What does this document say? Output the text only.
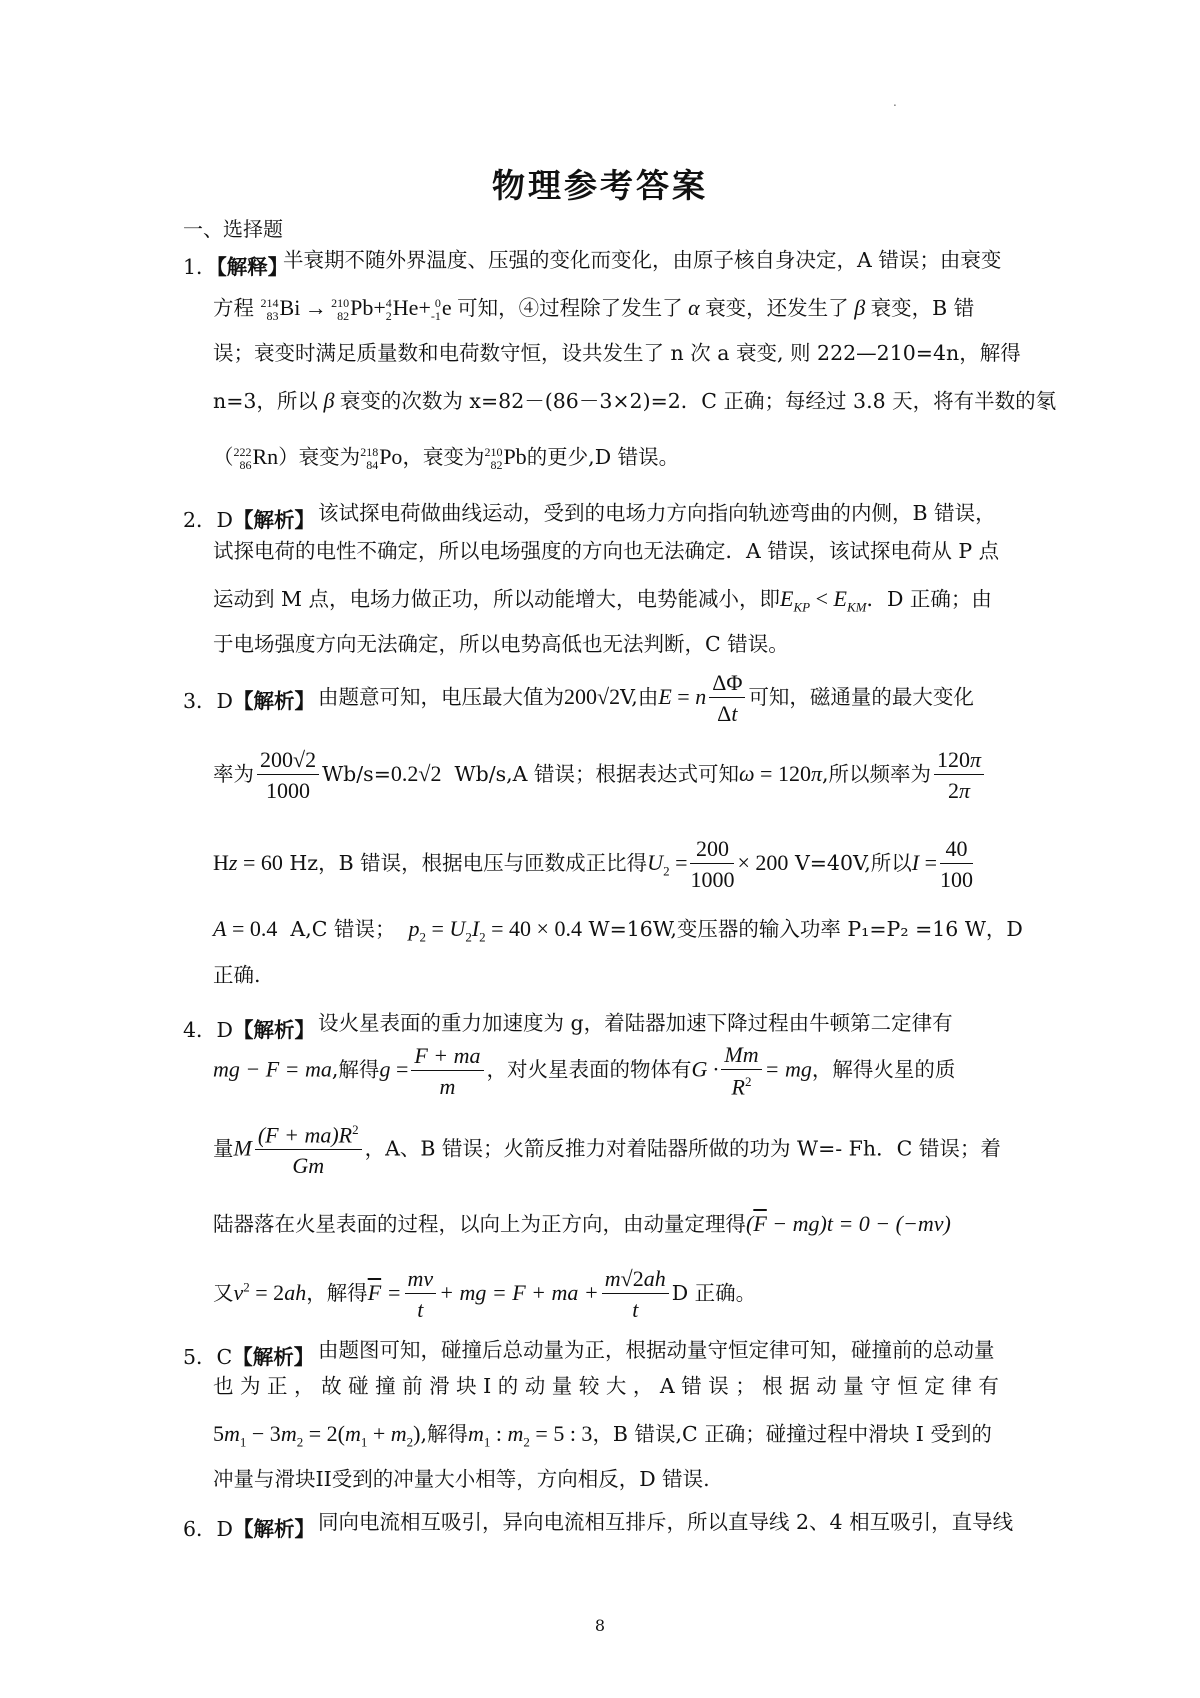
.
物理参考答案
一、选择题
1．【解释】
半衰期不随外界温度、压强的变化而变化，由原子核自身决定，A 错误；由衰变
方程 214
83 Bi →  210
82 Pb+ 4
2 He+ 0
-1 e 可知，④过程除了发生了 α 衰变，还发生了 β 衰变，B 错
误；衰变时满足质量数和电荷数守恒，设共发生了 n 次 a 衰变, 则 222—210=4n，解得
n=3，所以 β 衰变的次数为 x=82－(86－3×2)=2．C 正确；每经过 3.8 天，将有半数的氡
（ 222
86 Rn）衰变为 218
84 Po，衰变为 210
82 Pb的更少,D 错误。
2．D【解析】 该试探电荷做曲线运动，受到的电场力方向指向轨迹弯曲的内侧，B 错误，
试探电荷的电性不确定，所以电场强度的方向也无法确定．A 错误，该试探电荷从 P 点
运动到 M 点，电场力做正功，所以动能增大，电势能减小，即$E_{KP} < E_{KM}$．D 正确；由
于电场强度方向无法确定，所以电势高低也无法判断，C 错误。
3．D【解析】 由题意可知，电压最大值为200√2V,由E = n $\frac{\Delta\Phi}{\Delta t}$ 可知，磁通量的最大变化
率为 $\frac{200√2}{1000} Wb/s=0.2√2$ Wb/s,A 错误；根据表达式可知ω = 120π,所以频率为 $\frac{120\pi}{2\pi}$
Hz = 60 Hz，B 错误，根据电压与匝数成正比得$U_2 = \frac{200}{1000} \times 200$ V=40V,所以$I = \frac{40}{100}$
A = 0.4 A,C 错误； $p_2 = U_2I_2 = 40 \times 0.4$ W=16W,变压器的输入功率 P₁=P₂ =16 W，D
正确.
4．D【解析】 设火星表面的重力加速度为 g，着陆器加速下降过程由牛顿第二定律有
mg − F = ma,解得$g = \frac{F + ma}{m}$ ，对火星表面的物体有$G \cdot \frac{Mm}{R^2}$ = mg，解得火星的质
量M $\frac{(F + ma)R^2}{Gm}$ ，A、B 错误；火箭反推力对着陆器所做的功为 W=- Fh．C 错误；着
陆器落在火星表面的过程，以向上为正方向，由动量定理得$(\overline{F} - mg)t = 0 - (-mv)$
又$v^2 = 2ah$，解得$\overline{F} = \frac{mv}{t}$ + mg = F + ma + $\frac{m√2ah}{t}$ D 正确。
5．C【解析】 由题图可知，碰撞后总动量为正，根据动量守恒定律可知，碰撞前的总动量
也 为 正 ， 故 碰 撞 前 滑 块 I 的 动 量 较 大 ， A 错 误 ； 根 据 动 量 守 恒 定 律 有
$5m_1 - 3m_2 = 2(m_1 + m_2)$,解得$m_1$ : $m_2 = 5$ : 3，B 错误,C 正确；碰撞过程中滑块 I 受到的
冲量与滑块II受到的冲量大小相等，方向相反，D 错误.
6．D【解析】 同向电流相互吸引，异向电流相互排斥，所以直导线 2、4 相互吸引，直导线
8
